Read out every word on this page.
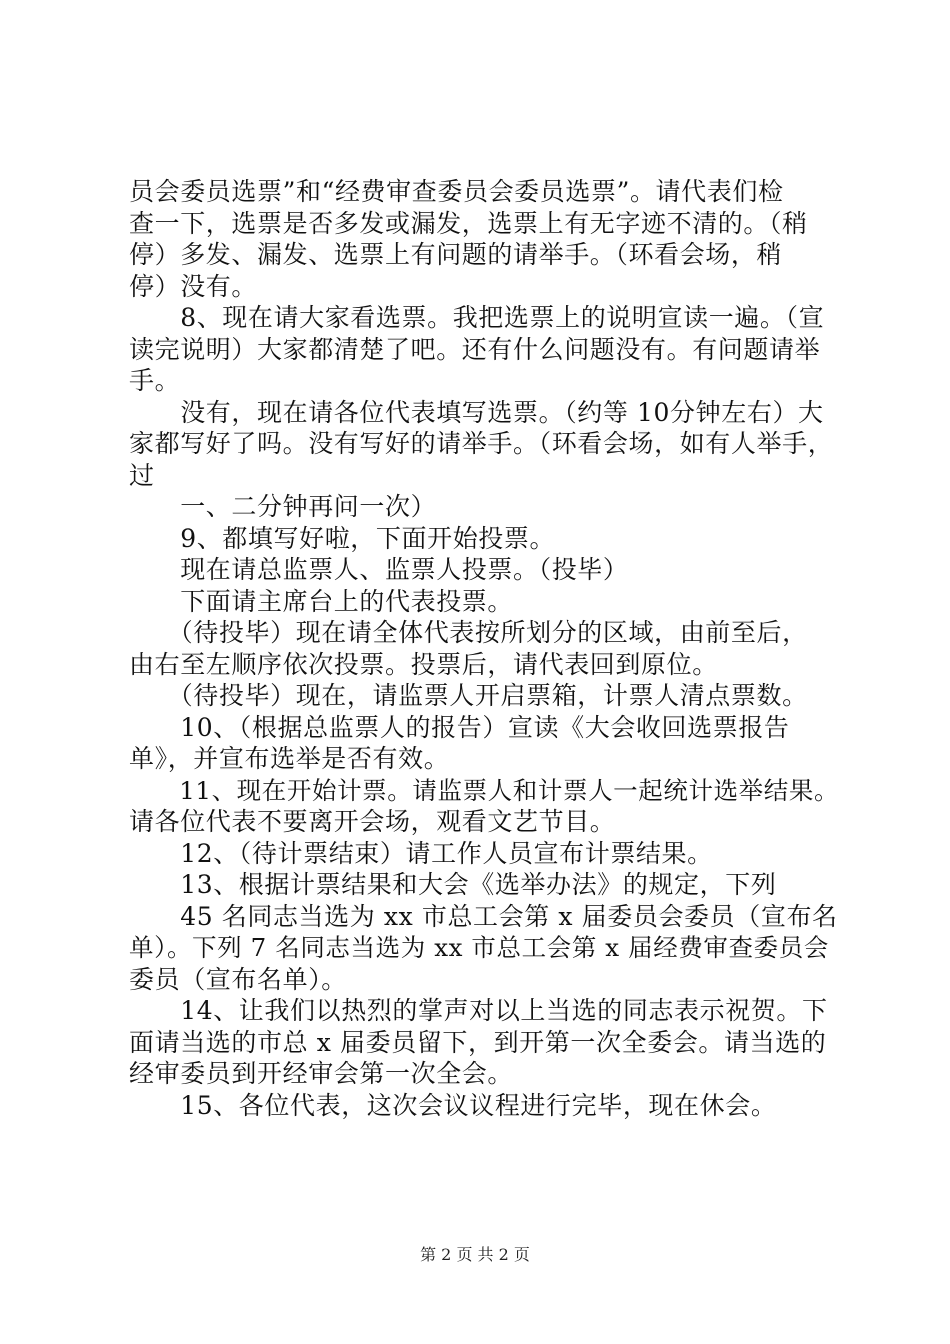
员会委员选票”和“经费审查委员会委员选票”。请代表们检
查一下，选票是否多发或漏发，选票上有无字迹不清的。（稍
停）多发、漏发、选票上有问题的请举手。（环看会场，稍
停）没有。
　　8、现在请大家看选票。我把选票上的说明宣读一遍。（宣
读完说明）大家都清楚了吧。还有什么问题没有。有问题请举
手。
　　没有，现在请各位代表填写选票。（约等 10分钟左右）大
家都写好了吗。没有写好的请举手。（环看会场，如有人举手，
过
　　一、二分钟再问一次）
　　9、都填写好啦，下面开始投票。
　　现在请总监票人、监票人投票。（投毕）
　　下面请主席台上的代表投票。
　　（待投毕）现在请全体代表按所划分的区域，由前至后，
由右至左顺序依次投票。投票后，请代表回到原位。
　　（待投毕）现在，请监票人开启票箱，计票人清点票数。
　　10、（根据总监票人的报告）宣读《大会收回选票报告
单》，并宣布选举是否有效。
　　11、现在开始计票。请监票人和计票人一起统计选举结果。
请各位代表不要离开会场，观看文艺节目。
　　12、（待计票结束）请工作人员宣布计票结果。
　　13、根据计票结果和大会《选举办法》的规定，下列
　　45 名同志当选为 xx 市总工会第 x 届委员会委员（宣布名
单）。下列 7 名同志当选为 xx 市总工会第 x 届经费审查委员会
委员（宣布名单）。
　　14、让我们以热烈的掌声对以上当选的同志表示祝贺。下
面请当选的市总 x 届委员留下，到开第一次全委会。请当选的
经审委员到开经审会第一次全会。
　　15、各位代表，这次会议议程进行完毕，现在休会。
第 2 页 共 2 页
